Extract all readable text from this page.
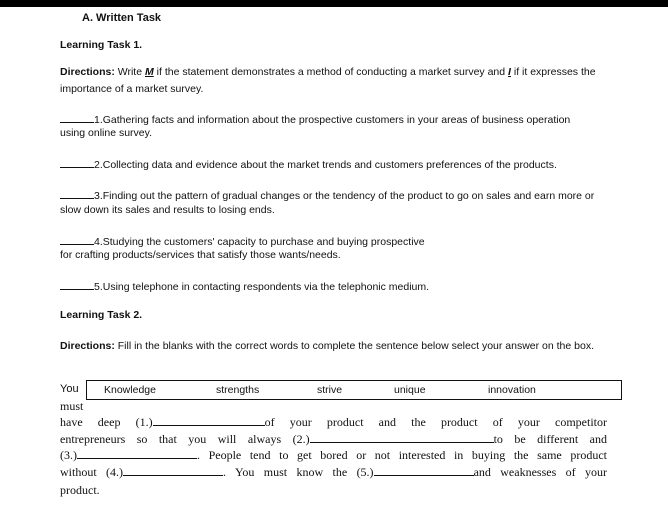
A. Written Task
Learning Task 1.
Directions: Write M if the statement demonstrates a method of conducting a market survey and I if it expresses the
importance of a market survey.
1.Gathering facts and information about the prospective customers in your areas of business operation
using online survey.
2.Collecting data and evidence about the market trends and customers preferences of the products.
3.Finding out the pattern of gradual changes or the tendency of the product to go on sales and earn more or
slow down its sales and results to losing ends.
4.Studying the customers' capacity to purchase and buying prospective
for crafting products/services that satisfy those wants/needs.
5.Using telephone in contacting respondents via the telephonic medium.
Learning Task 2.
Directions: Fill in the blanks with the correct words to complete the sentence below select your answer on the box.
You Knowledge	strengths	strive	unique	innovation
must
have deep (1.)	of your product and the product of your competitor
entrepreneurs so that you will always (2.)	to be different and
(3.)	. People tend to get bored or not interested in buying the same product
without (4.)	. You must know the (5.)	and weaknesses of your
product.
